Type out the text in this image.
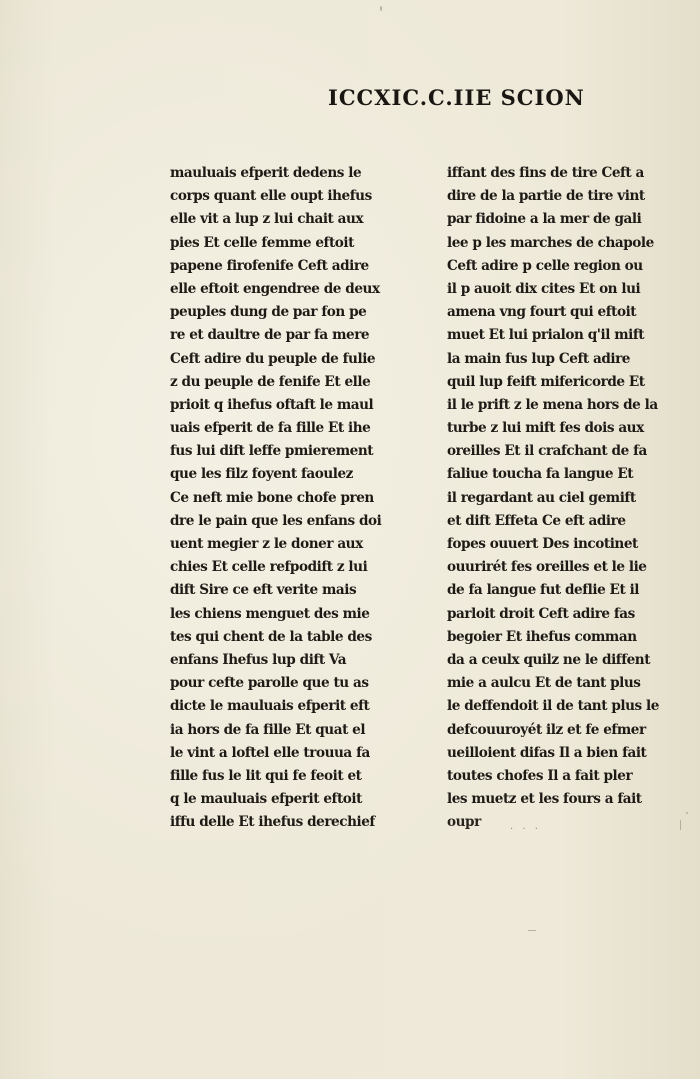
ICCXIC.C.IIE SCION
mauluais efperit dedens le
corps quant elle oupt ihefus
elle vit a lup z lui chait aux
pies Et celle femme eftoit
papene firofenife Ceft adire
elle eftoit engendree de deux
peuples dung de par fon pe
re et daultre de par fa mere
Ceft adire du peuple de fulie
z du peuple de fenife Et elle
prioit q ihefus oftaft le maul
uais efperit de fa fille Et ihe
fus lui dift leffe pmierement
que les filz foyent faoulez
Ce neft mie bone chofe pren
dre le pain que les enfans doi
uent megier z le doner aux
chies Et celle refpodift z lui
dift Sire ce eft verite mais
les chiens menguet des mie
tes qui chent de la table des
enfans Ihefus lup dift Va
pour cefte parolle que tu as
dicte le mauluais efperit eft
ia hors de fa fille Et quat el
le vint a loftel elle trouua fa
fille fus le lit qui fe feoit et
q le mauluais efperit eftoit
iffu delle Et ihefus derechief
iffant des fins de tire Ceft a
dire de la partie de tire vint
par fidoine a la mer de gali
lee p les marches de chapole
Ceft adire p celle region ou
il p auoit dix cites Et on lui
amena vng fourt qui eftoit
muet Et lui prialon q'il mift
la main fus lup Ceft adire
quil lup feift mifericorde Et
il le prift z le mena hors de la
turbe z lui mift fes dois aux
oreilles Et il crafchant de fa
faliue toucha fa langue Et
il regardant au ciel gemift
et dift Effeta Ce eft adire
fopes ouuert Des incotinet
ouurirét fes oreilles et le lie
de fa langue fut deflie Et il
parloit droit Ceft adire fas
begoier Et ihefus comman
da a ceulx quilz ne le diffent
mie a aulcu Et de tant plus
le deffendoit il de tant plus le
defcouuroyét ilz et fe efmer
ueilloient difas Il a bien fait
toutes chofes Il a fait pler
les muetz et les fours a fait
oupr	· · ·
